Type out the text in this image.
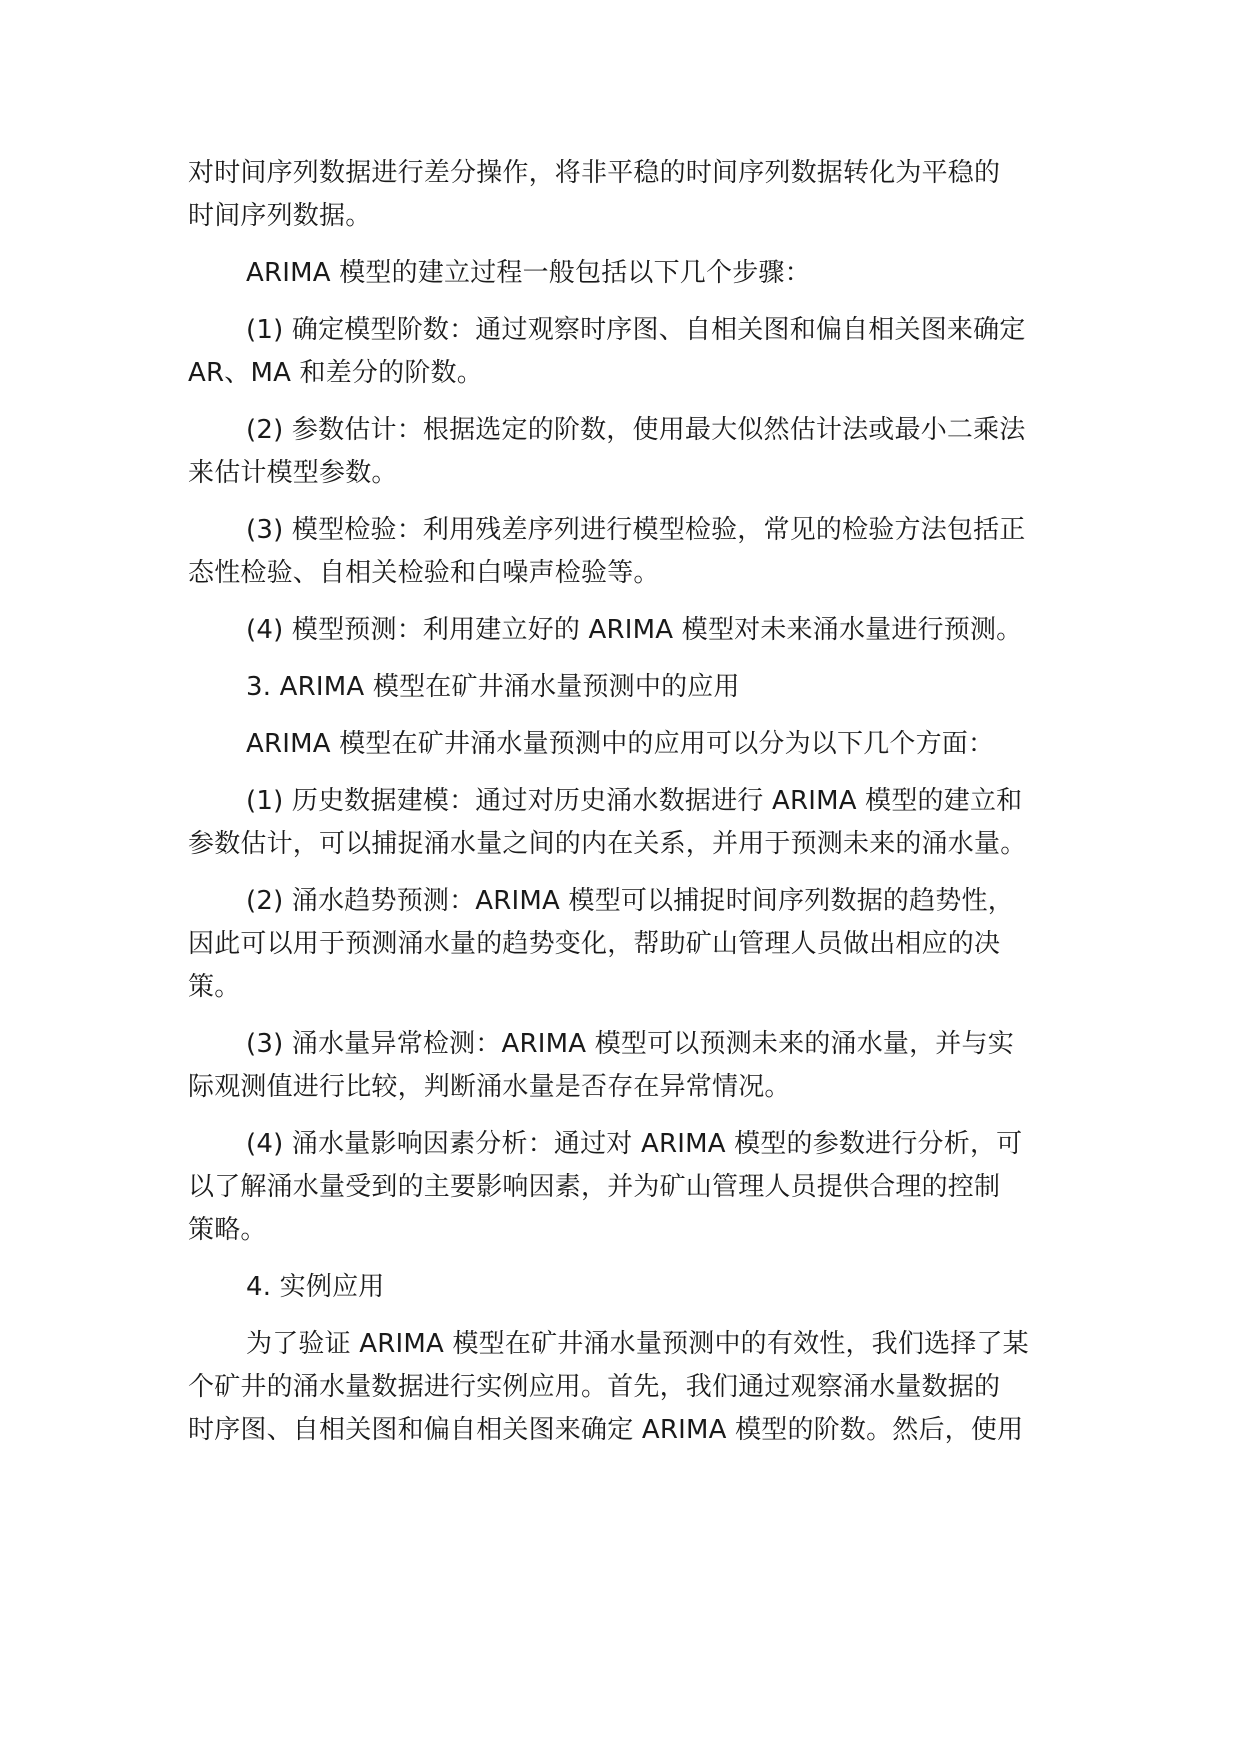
对时间序列数据进行差分操作，将非平稳的时间序列数据转化为平稳的
时间序列数据。
ARIMA 模型的建立过程一般包括以下几个步骤：
(1) 确定模型阶数：通过观察时序图、自相关图和偏自相关图来确定
AR、MA 和差分的阶数。
(2) 参数估计：根据选定的阶数，使用最大似然估计法或最小二乘法
来估计模型参数。
(3) 模型检验：利用残差序列进行模型检验，常见的检验方法包括正
态性检验、自相关检验和白噪声检验等。
(4) 模型预测：利用建立好的 ARIMA 模型对未来涌水量进行预测。
3. ARIMA 模型在矿井涌水量预测中的应用
ARIMA 模型在矿井涌水量预测中的应用可以分为以下几个方面：
(1) 历史数据建模：通过对历史涌水数据进行 ARIMA 模型的建立和
参数估计，可以捕捉涌水量之间的内在关系，并用于预测未来的涌水量。
(2) 涌水趋势预测：ARIMA 模型可以捕捉时间序列数据的趋势性，
因此可以用于预测涌水量的趋势变化，帮助矿山管理人员做出相应的决
策。
(3) 涌水量异常检测：ARIMA 模型可以预测未来的涌水量，并与实
际观测值进行比较，判断涌水量是否存在异常情况。
(4) 涌水量影响因素分析：通过对 ARIMA 模型的参数进行分析，可
以了解涌水量受到的主要影响因素，并为矿山管理人员提供合理的控制
策略。
4. 实例应用
为了验证 ARIMA 模型在矿井涌水量预测中的有效性，我们选择了某
个矿井的涌水量数据进行实例应用。首先，我们通过观察涌水量数据的
时序图、自相关图和偏自相关图来确定 ARIMA 模型的阶数。然后，使用
